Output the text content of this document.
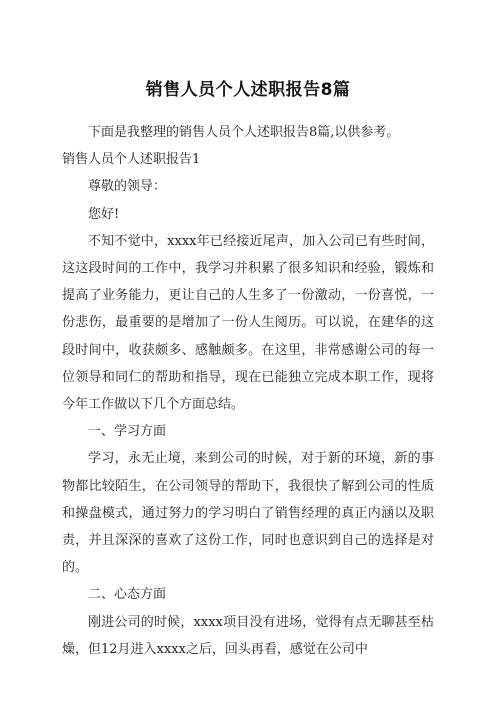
销售人员个人述职报告8篇

下面是我整理的销售人员个人述职报告8篇,以供参考。

销售人员个人述职报告1

尊敬的领导：

您好!

不知不觉中，xxxx年已经接近尾声，加入公司已有些时间，这这段时间的工作中，我学习并积累了很多知识和经验，锻炼和提高了业务能力，更让自己的人生多了一份激动，一份喜悦，一份悲伤，最重要的是增加了一份人生阅历。可以说，在建华的这段时间中，收获颇多、感触颇多。在这里，非常感谢公司的每一位领导和同仁的帮助和指导，现在已能独立完成本职工作，现将今年工作做以下几个方面总结。

一、学习方面

学习，永无止境，来到公司的时候，对于新的环境，新的事物都比较陌生，在公司领导的帮助下，我很快了解到公司的性质和操盘模式，通过努力的学习明白了销售经理的真正内涵以及职责，并且深深的喜欢了这份工作，同时也意识到自己的选择是对的。

二、心态方面

刚进公司的时候，xxxx项目没有进场，觉得有点无聊甚至枯燥，但12月进入xxxx之后，回头再看，感觉在公司中
